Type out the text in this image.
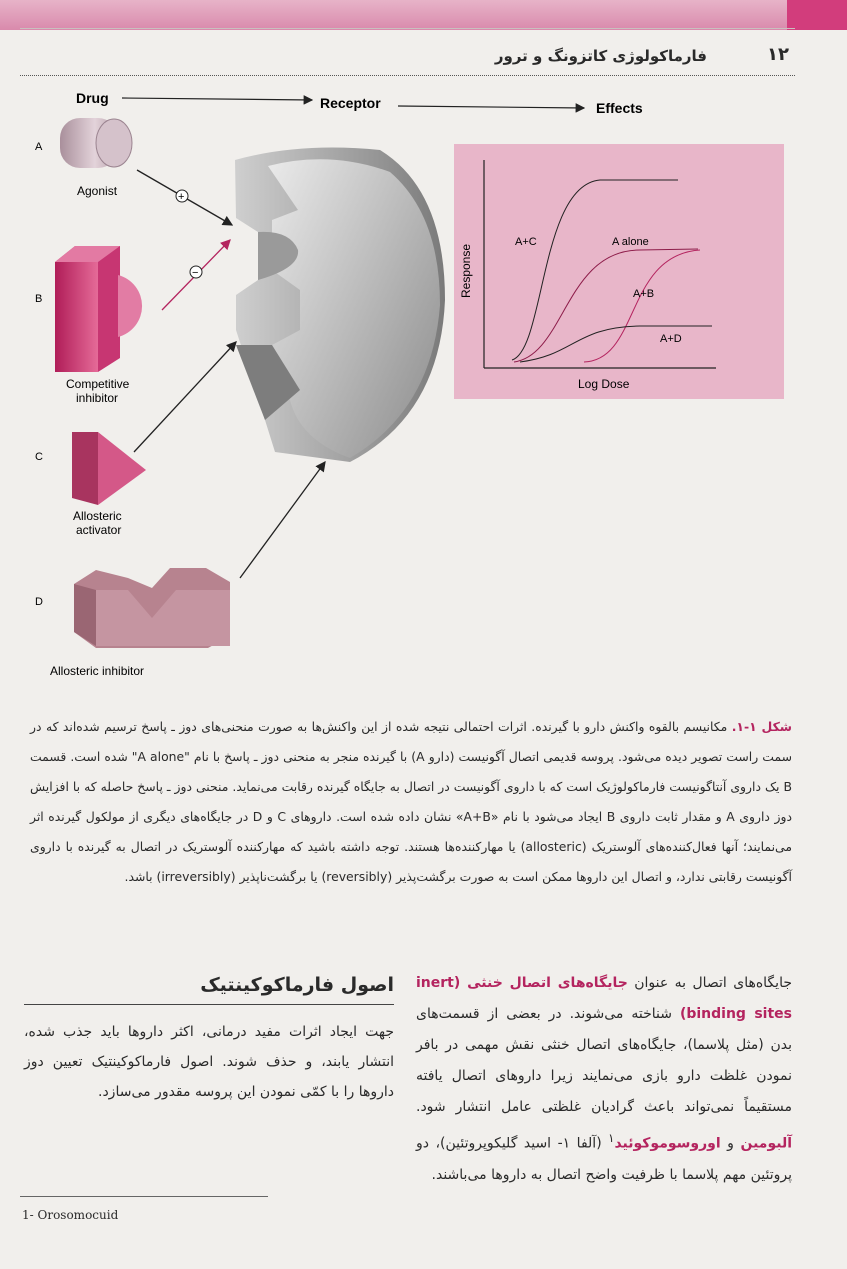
۱۲
فارماکولوژی کاتزونگ و ترور
Drug	Receptor	Effects
A
Agonist	+
B
Competitive
inhibitor
−
C
Allosteric
activator
D
Allosteric inhibitor
Response
Log Dose
A+C	A alone
A+B
A+D
شکل ۱-۱. مکانیسم بالقوه واکنش دارو با گیرنده. اثرات احتمالی نتیجه شده از این واکنش‌ها به صورت منحنی‌های دوز ـ پاسخ ترسیم شده‌اند که در سمت راست تصویر دیده می‌شود. پروسه قدیمی اتصال آگونیست (دارو A) با گیرنده منجر به منحنی دوز ـ پاسخ با نام "A alone" شده است. قسمت B یک داروی آنتاگونیست فارماکولوژیک است که با داروی آگونیست در اتصال به جایگاه گیرنده رقابت می‌نماید. منحنی دوز ـ پاسخ حاصله که با افزایش دوز داروی A و مقدار ثابت داروی B ایجاد می‌شود با نام «A+B» نشان داده شده است. داروهای C و D در جایگاه‌های دیگری از مولکول گیرنده اثر می‌نمایند؛ آنها فعال‌کننده‌های آلوستریک (allosteric) یا مهارکننده‌ها هستند. توجه داشته باشید که مهارکننده آلوستریک در اتصال به گیرنده با داروی آگونیست رقابتی ندارد، و اتصال این داروها ممکن است به صورت برگشت‌پذیر (reversibly) یا برگشت‌ناپذیر (irreversibly) باشد.
جایگاه‌های اتصال به عنوان جایگاه‌های اتصال خنثی (inert binding sites) شناخته می‌شوند. در بعضی از قسمت‌های بدن (مثل پلاسما)، جایگاه‌های اتصال خنثی نقش مهمی در بافر نمودن غلظت دارو بازی می‌نمایند زیرا داروهای اتصال یافته مستقیماً نمی‌تواند باعث گرادیان غلظتی عامل انتشار شود. آلبومین و اوروسوموکوئید$^۱$ (آلفا ۱- اسید گلیکوپروتئین)، دو پروتئین مهم پلاسما با ظرفیت واضح اتصال به داروها می‌باشند.
اصول فارماکوکینتیک
جهت ایجاد اثرات مفید درمانی، اکثر داروها باید جذب شده، انتشار یابند، و حذف شوند. اصول فارماکوکینتیک تعیین دوز داروها را با کمّی نمودن این پروسه مقدور می‌سازد.
1- Orosomocuid
